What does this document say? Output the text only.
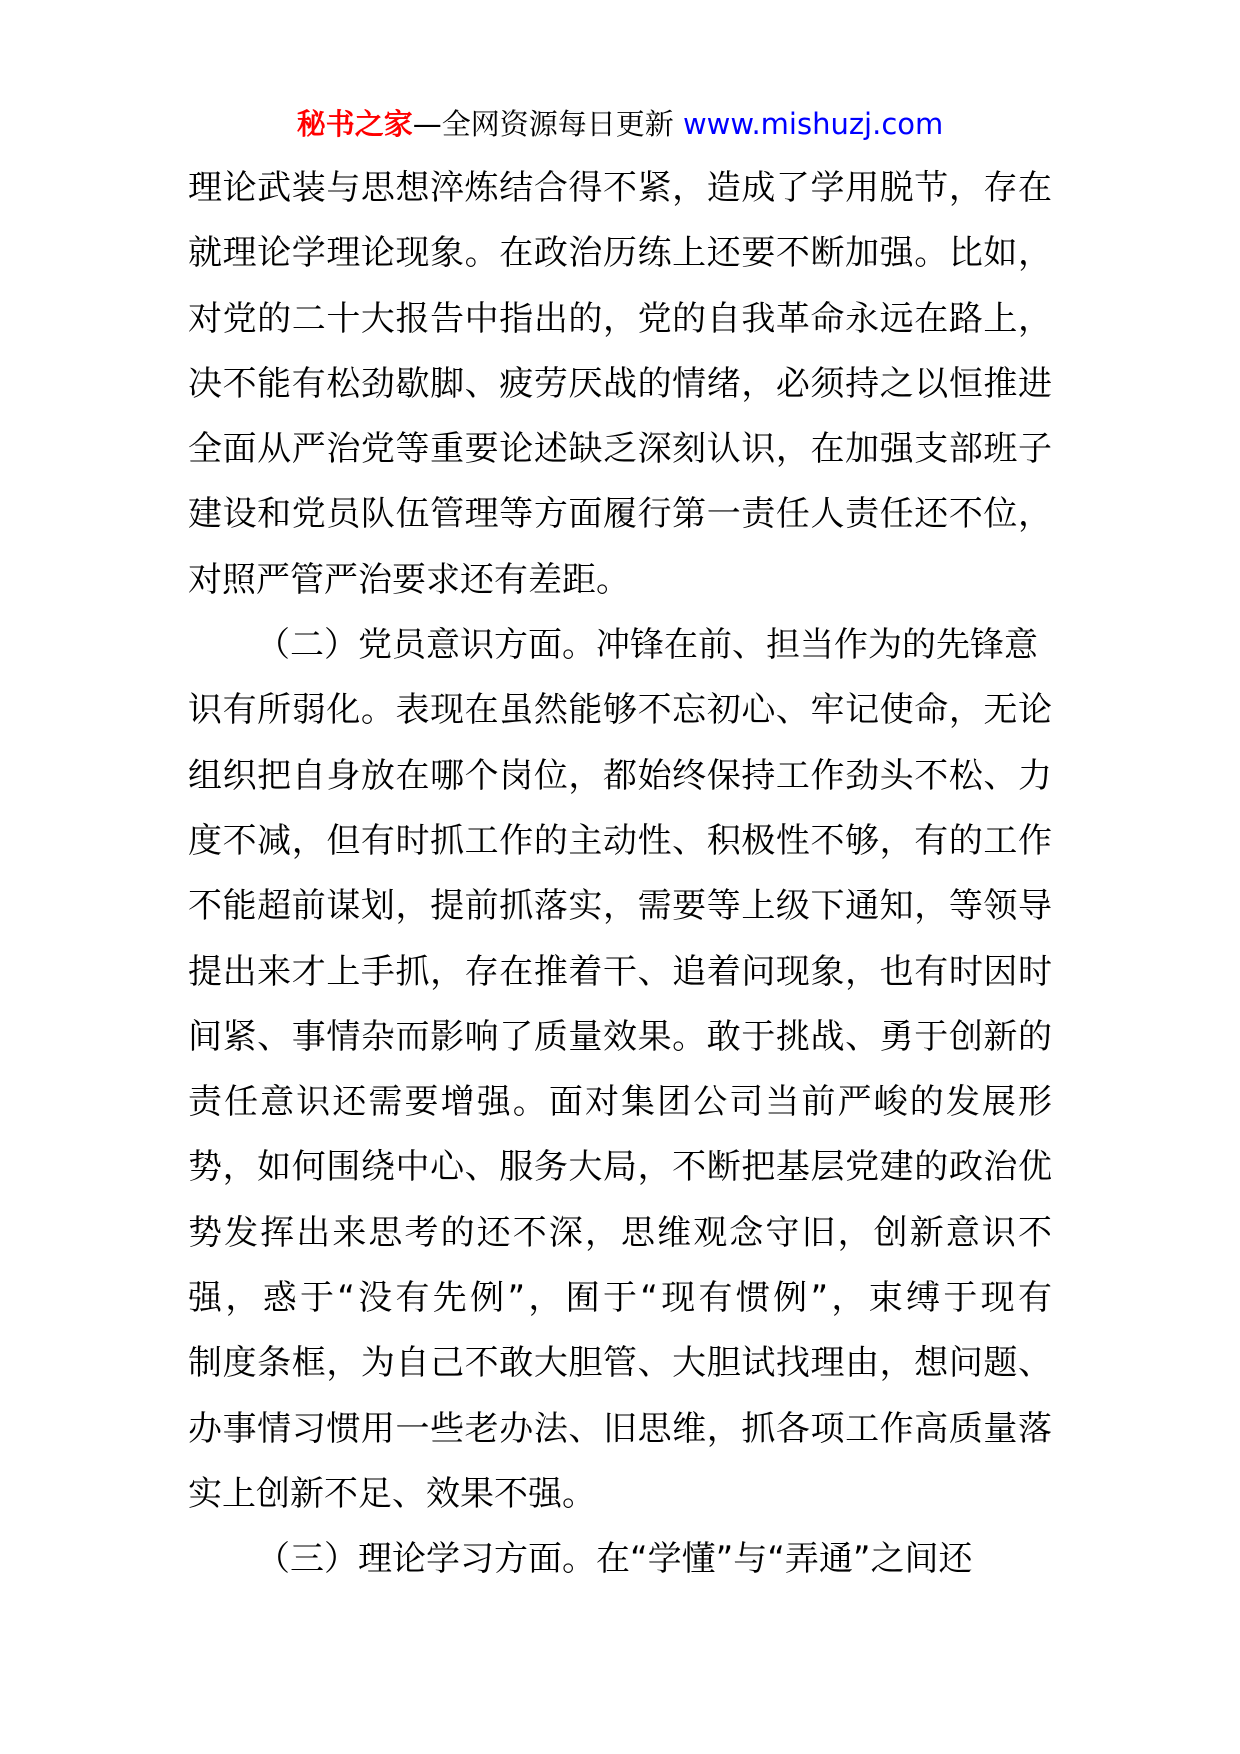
秘书之家—全网资源每日更新 www.mishuzj.com
理论武装与思想淬炼结合得不紧，造成了学用脱节，存在
就理论学理论现象。在政治历练上还要不断加强。比如，
对党的二十大报告中指出的，党的自我革命永远在路上，
决不能有松劲歇脚、疲劳厌战的情绪，必须持之以恒推进
全面从严治党等重要论述缺乏深刻认识，在加强支部班子
建设和党员队伍管理等方面履行第一责任人责任还不位，
对照严管严治要求还有差距。
（二）党员意识方面。冲锋在前、担当作为的先锋意
识有所弱化。表现在虽然能够不忘初心、牢记使命，无论
组织把自身放在哪个岗位，都始终保持工作劲头不松、力
度不减，但有时抓工作的主动性、积极性不够，有的工作
不能超前谋划，提前抓落实，需要等上级下通知，等领导
提出来才上手抓，存在推着干、追着问现象，也有时因时
间紧、事情杂而影响了质量效果。敢于挑战、勇于创新的
责任意识还需要增强。面对集团公司当前严峻的发展形
势，如何围绕中心、服务大局，不断把基层党建的政治优
势发挥出来思考的还不深，思维观念守旧，创新意识不
强，惑于“没有先例”，囿于“现有惯例”，束缚于现有
制度条框，为自己不敢大胆管、大胆试找理由，想问题、
办事情习惯用一些老办法、旧思维，抓各项工作高质量落
实上创新不足、效果不强。
（三）理论学习方面。在“学懂”与“弄通”之间还
